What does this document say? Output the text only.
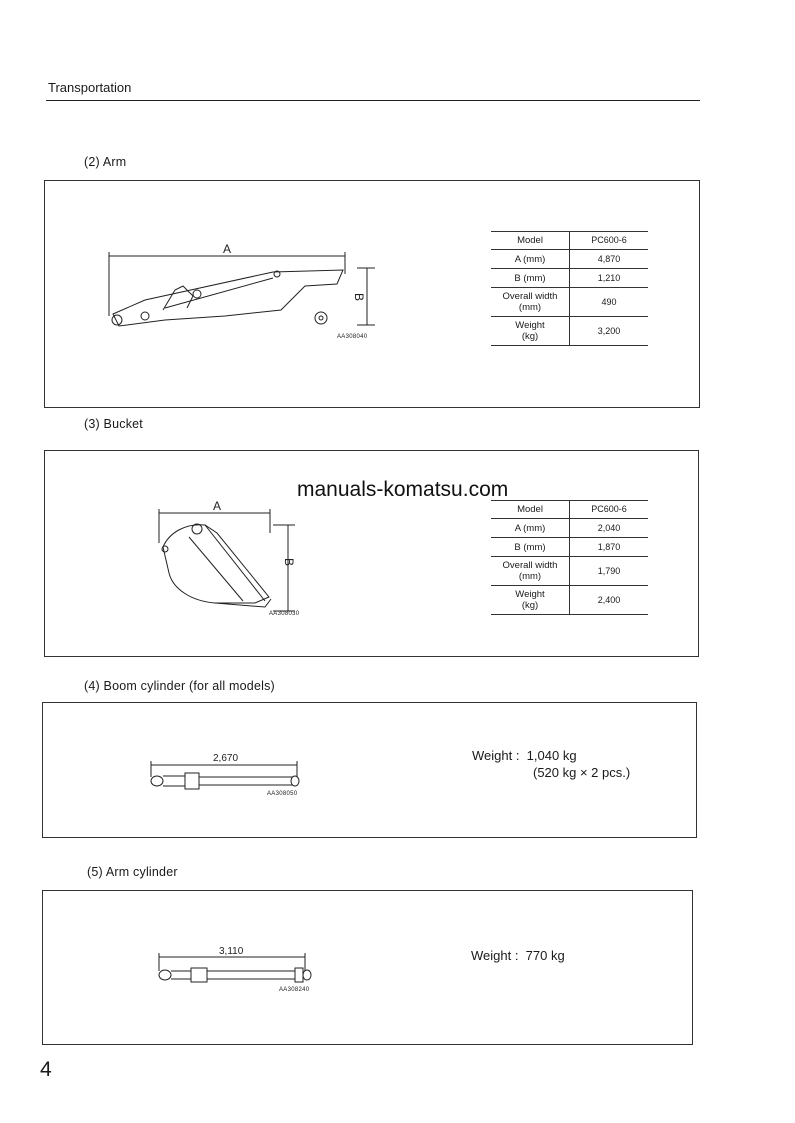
Transportation
(2) Arm
A
B
AA308040
Model	PC600-6
A (mm)	4,870
B (mm)	1,210
Overall width
(mm)	490
Weight
(kg)	3,200
(3) Bucket
A
B
AA308030
Model	PC600-6
A (mm)	2,040
B (mm)	1,870
Overall width
(mm)	1,790
Weight
(kg)	2,400
manuals-komatsu.com
(4) Boom cylinder (for all models)
2,670
AA308050
Weight :  1,040 kg
(520 kg × 2 pcs.)
(5) Arm cylinder
3,110
AA308240
Weight :  770 kg
4
